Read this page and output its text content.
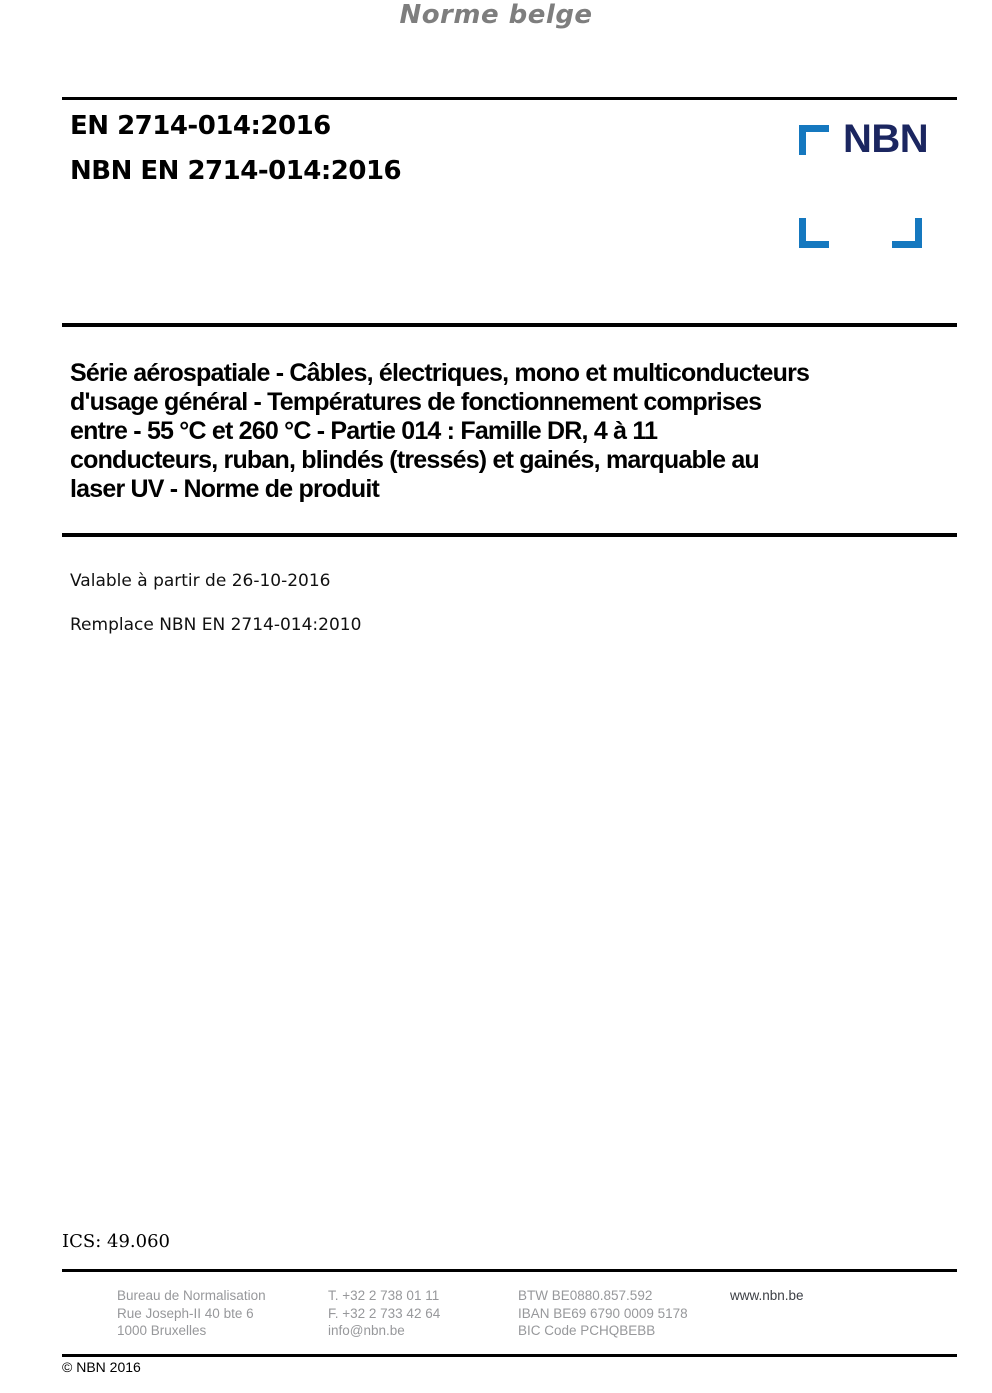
Norme belge
EN 2714-014:2016
NBN EN 2714-014:2016
NBN
Série aérospatiale - Câbles, électriques, mono et multiconducteurs
d'usage général - Températures de fonctionnement comprises
entre - 55 °C et 260 °C - Partie 014 : Famille DR, 4 à 11
conducteurs, ruban, blindés (tressés) et gainés, marquable au
laser UV - Norme de produit
Valable à partir de 26-10-2016
Remplace NBN EN 2714-014:2010
ICS: 49.060
Bureau de Normalisation
Rue Joseph-II 40 bte 6
1000 Bruxelles
T. +32 2 738 01 11
F. +32 2 733 42 64
info@nbn.be
BTW BE0880.857.592
IBAN BE69 6790 0009 5178
BIC Code PCHQBEBB
www.nbn.be
© NBN 2016
